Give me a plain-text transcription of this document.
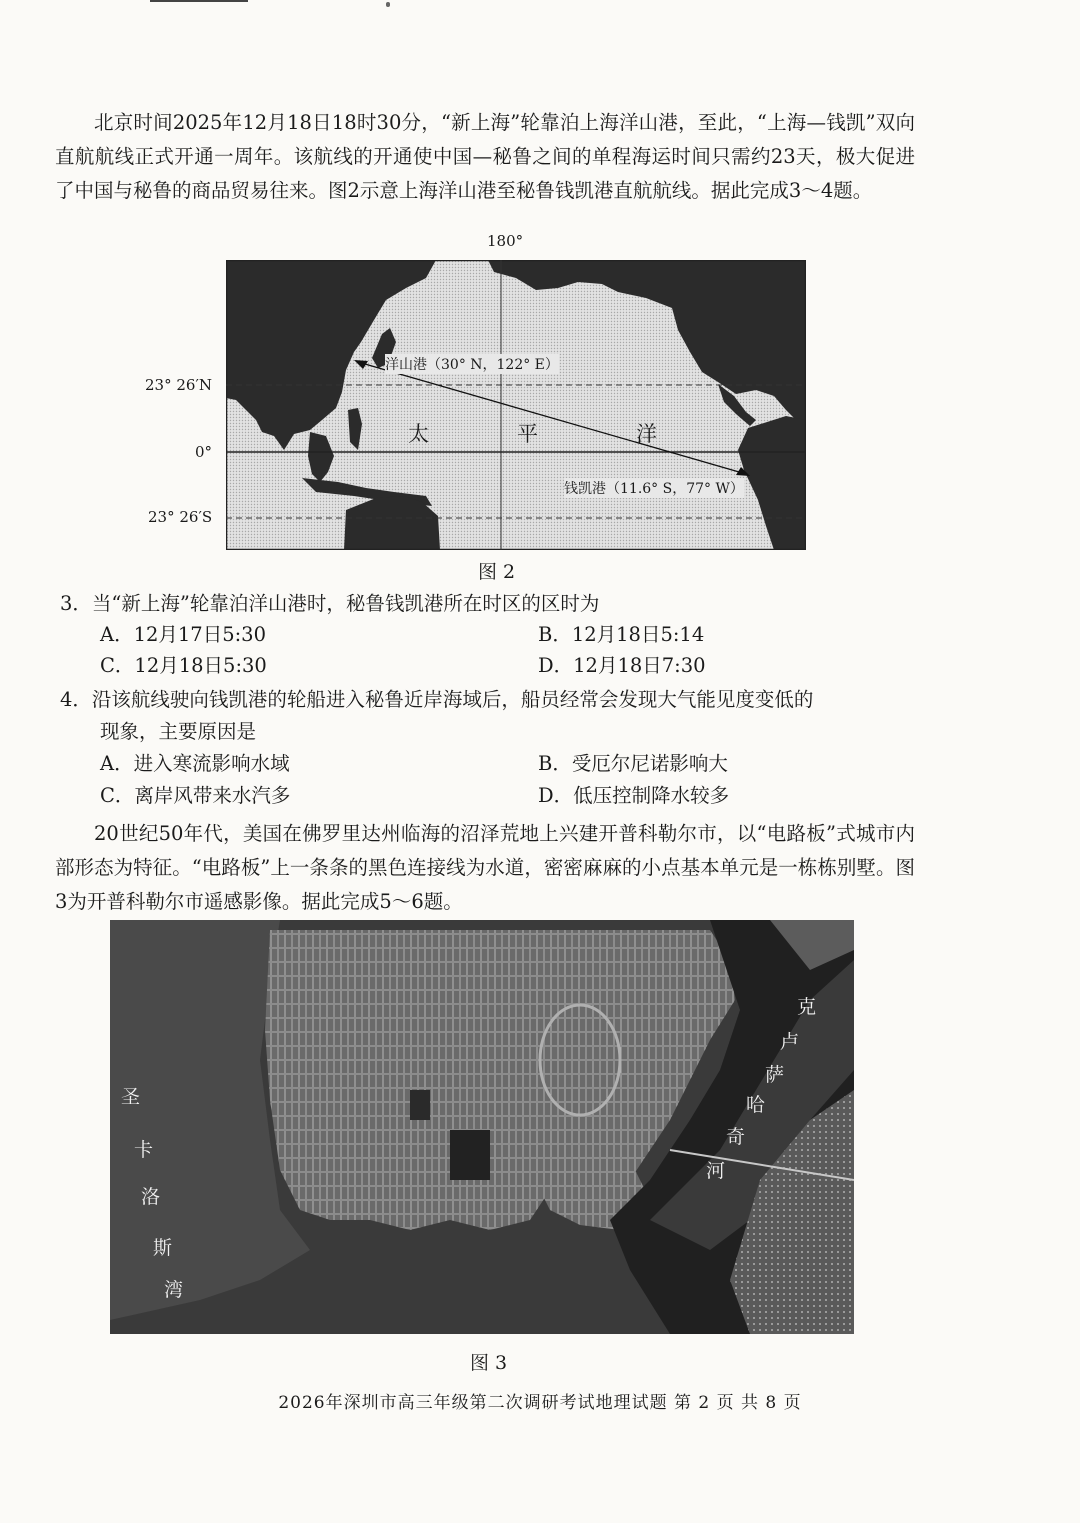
北京时间2025年12月18日18时30分，“新上海”轮靠泊上海洋山港，至此，“上海—钱凯”双向直航航线正式开通一周年。该航线的开通使中国—秘鲁之间的单程海运时间只需约23天，极大促进了中国与秘鲁的商品贸易往来。图2示意上海洋山港至秘鲁钱凯港直航航线。据此完成3～4题。

180°
23° 26′N
0°
23° 26′S
洋山港（30° N，122° E）
钱凯港（11.6° S，77° W）
太	平	洋
图 2
3．当“新上海”轮靠泊洋山港时，秘鲁钱凯港所在时区的区时为
A．12月17日5:30	B．12月18日5:14
C．12月18日5:30	D．12月18日7:30
4．沿该航线驶向钱凯港的轮船进入秘鲁近岸海域后，船员经常会发现大气能见度变低的
现象，主要原因是
A．进入寒流影响水域	B．受厄尔尼诺影响大
C．离岸风带来水汽多	D．低压控制降水较多

20世纪50年代，美国在佛罗里达州临海的沼泽荒地上兴建开普科勒尔市，以“电路板”式城市内部形态为特征。“电路板”上一条条的黑色连接线为水道，密密麻麻的小点基本单元是一栋栋别墅。图3为开普科勒尔市遥感影像。据此完成5～6题。

圣
卡
洛
斯
湾
克
卢
萨
哈
奇
河
图 3
2026年深圳市高三年级第二次调研考试地理试题 第 2 页 共 8 页
